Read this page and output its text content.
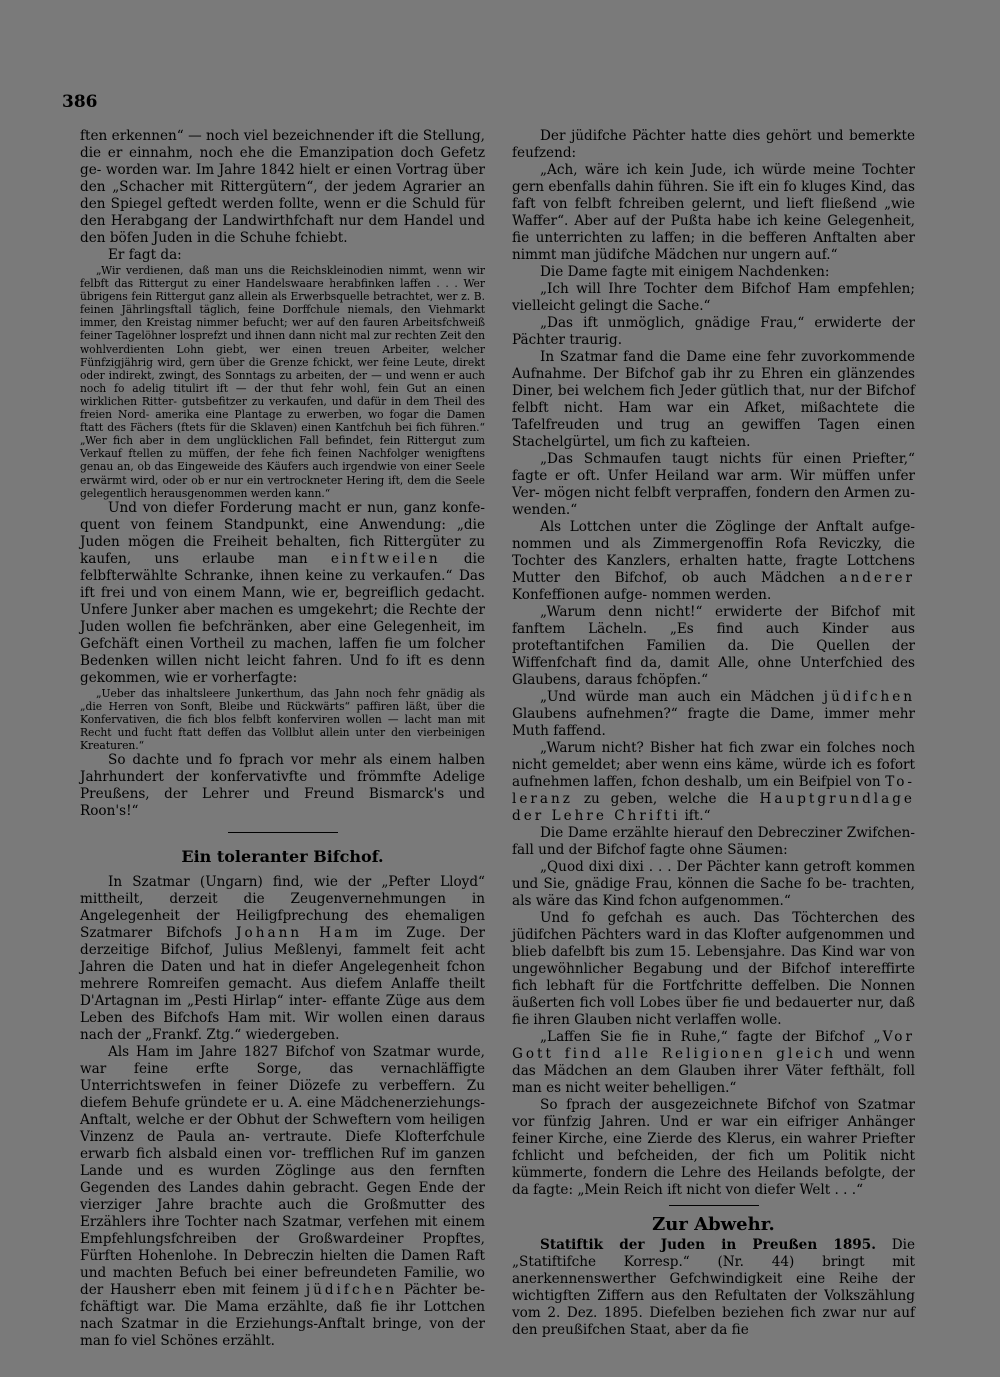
386

ften erkennen“ — noch viel bezeichnender ift die Stellung, die er einnahm, noch ehe die Emanzipation doch Gefetz ge- worden war. Im Jahre 1842 hielt er einen Vortrag über den „Schacher mit Rittergütern“, der jedem Agrarier an den Spiegel geftedt werden follte, wenn er die Schuld für den Herabgang der Landwirthfchaft nur dem Handel und den böfen Juden in die Schuhe fchiebt.

Er fagt da:

„Wir verdienen, daß man uns die Reichskleinodien nimmt, wenn wir felbft das Rittergut zu einer Handelswaare herabfinken laffen . . . Wer übrigens fein Rittergut ganz allein als Erwerbsquelle betrachtet, wer z. B. feinen Jährlingsftall täglich, feine Dorffchule niemals, den Viehmarkt immer, den Kreistag nimmer befucht; wer auf den fauren Arbeitsfchweiß feiner Tagelöhner losprefzt und ihnen dann nicht mal zur rechten Zeit den wohlverdienten Lohn giebt, wer einen treuen Arbeiter, welcher Fünfzigjährig wird, gern über die Grenze fchickt, wer feine Leute, direkt oder indirekt, zwingt, des Sonntags zu arbeiten, der — und wenn er auch noch fo adelig titulirt ift — der thut fehr wohl, fein Gut an einen wirklichen Ritter- gutsbefitzer zu verkaufen, und dafür in dem Theil des freien Nord- amerika eine Plantage zu erwerben, wo fogar die Damen ftatt des Fächers (ftets für die Sklaven) einen Kantfchuh bei fich führen.“ „Wer fich aber in dem unglücklichen Fall befindet, fein Rittergut zum Verkauf ftellen zu müffen, der fehe fich feinen Nachfolger wenigftens genau an, ob das Eingeweide des Käufers auch irgendwie von einer Seele erwärmt wird, oder ob er nur ein vertrockneter Hering ift, dem die Seele gelegentlich herausgenommen werden kann.“

Und von diefer Forderung macht er nun, ganz konfe- quent von feinem Standpunkt, eine Anwendung: „die Juden mögen die Freiheit behalten, fich Rittergüter zu kaufen, uns erlaube man einftweilen die felbfterwählte Schranke, ihnen keine zu verkaufen.“ Das ift frei und von einem Mann, wie er, begreiflich gedacht. Unfere Junker aber machen es umgekehrt; die Rechte der Juden wollen fie befchränken, aber eine Gelegenheit, im Gefchäft einen Vortheil zu machen, laffen fie um folcher Bedenken willen nicht leicht fahren. Und fo ift es denn gekommen, wie er vorherfagte:

„Ueber das inhaltsleere Junkerthum, das Jahn noch fehr gnädig als „die Herren von Sonft, Bleibe und Rückwärts“ paffiren läßt, über die Konfervativen, die fich blos felbft konferviren wollen — lacht man mit Recht und fucht ftatt deffen das Vollblut allein unter den vierbeinigen Kreaturen.“

So dachte und fo fprach vor mehr als einem halben Jahrhundert der konfervativfte und frömmfte Adelige Preußens, der Lehrer und Freund Bismarck's und Roon's!“

Ein toleranter Bifchof.

In Szatmar (Ungarn) find, wie der „Pefter Lloyd“ mittheilt, derzeit die Zeugenvernehmungen in Angelegenheit der Heiligfprechung des ehemaligen Szatmarer Bifchofs Johann Ham im Zuge. Der derzeitige Bifchof, Julius Meßlenyi, fammelt feit acht Jahren die Daten und hat in diefer Angelegenheit fchon mehrere Romreifen gemacht. Aus diefem Anlaffe theilt D'Artagnan im „Pesti Hirlap“ inter- effante Züge aus dem Leben des Bifchofs Ham mit. Wir wollen einen daraus nach der „Frankf. Ztg.“ wiedergeben.

Als Ham im Jahre 1827 Bifchof von Szatmar wurde, war feine erfte Sorge, das vernachläffigte Unterrichtswefen in feiner Diözefe zu verbeffern. Zu diefem Behufe gründete er u. A. eine Mädchenerziehungs-Anftalt, welche er der Obhut der Schweftern vom heiligen Vinzenz de Paula an- vertraute. Diefe Klofterfchule erwarb fich alsbald einen vor- trefflichen Ruf im ganzen Lande und es wurden Zöglinge aus den fernften Gegenden des Landes dahin gebracht. Gegen Ende der vierziger Jahre brachte auch die Großmutter des Erzählers ihre Tochter nach Szatmar, verfehen mit einem Empfehlungsfchreiben der Großwardeiner Propftes, Fürften Hohenlohe. In Debreczin hielten die Damen Raft und machten Befuch bei einer befreundeten Familie, wo der Hausherr eben mit feinem jüdifchen Pächter be- fchäftigt war. Die Mama erzählte, daß fie ihr Lottchen nach Szatmar in die Erziehungs-Anftalt bringe, von der man fo viel Schönes erzählt.

Der jüdifche Pächter hatte dies gehört und bemerkte feufzend:

„Ach, wäre ich kein Jude, ich würde meine Tochter gern ebenfalls dahin führen. Sie ift ein fo kluges Kind, das faft von felbft fchreiben gelernt, und lieft fließend „wie Waffer“. Aber auf der Pußta habe ich keine Gelegenheit, fie unterrichten zu laffen; in die befferen Anftalten aber nimmt man jüdifche Mädchen nur ungern auf.“

Die Dame fagte mit einigem Nachdenken:

„Ich will Ihre Tochter dem Bifchof Ham empfehlen; vielleicht gelingt die Sache.“

„Das ift unmöglich, gnädige Frau,“ erwiderte der Pächter traurig.

In Szatmar fand die Dame eine fehr zuvorkommende Aufnahme. Der Bifchof gab ihr zu Ehren ein glänzendes Diner, bei welchem fich Jeder gütlich that, nur der Bifchof felbft nicht. Ham war ein Afket, mißachtete die Tafelfreuden und trug an gewiffen Tagen einen Stachelgürtel, um fich zu kafteien.

„Das Schmaufen taugt nichts für einen Priefter,“ fagte er oft. Unfer Heiland war arm. Wir müffen unfer Ver- mögen nicht felbft verpraffen, fondern den Armen zu- wenden.“

Als Lottchen unter die Zöglinge der Anftalt aufge- nommen und als Zimmergenoffin Rofa Reviczky, die Tochter des Kanzlers, erhalten hatte, fragte Lottchens Mutter den Bifchof, ob auch Mädchen anderer Konfeffionen aufge- nommen werden.

„Warum denn nicht!“ erwiderte der Bifchof mit fanftem Lächeln. „Es find auch Kinder aus proteftantifchen Familien da. Die Quellen der Wiffenfchaft find da, damit Alle, ohne Unterfchied des Glaubens, daraus fchöpfen.“

„Und würde man auch ein Mädchen jüdifchen Glaubens aufnehmen?“ fragte die Dame, immer mehr Muth faffend.

„Warum nicht? Bisher hat fich zwar ein folches noch nicht gemeldet; aber wenn eins käme, würde ich es fofort aufnehmen laffen, fchon deshalb, um ein Beifpiel von To- leranz zu geben, welche die Hauptgrundlage der Lehre Chrifti ift.“

Die Dame erzählte hierauf den Debrecziner Zwifchen- fall und der Bifchof fagte ohne Säumen:

„Quod dixi dixi . . . Der Pächter kann getroft kommen und Sie, gnädige Frau, können die Sache fo be- trachten, als wäre das Kind fchon aufgenommen.“

Und fo gefchah es auch. Das Töchterchen des jüdifchen Pächters ward in das Klofter aufgenommen und blieb dafelbft bis zum 15. Lebensjahre. Das Kind war von ungewöhnlicher Begabung und der Bifchof intereffirte fich lebhaft für die Fortfchritte deffelben. Die Nonnen äußerten fich voll Lobes über fie und bedauerter nur, daß fie ihren Glauben nicht verlaffen wolle.

„Laffen Sie fie in Ruhe,“ fagte der Bifchof „Vor Gott find alle Religionen gleich und wenn das Mädchen an dem Glauben ihrer Väter fefthält, foll man es nicht weiter behelligen.“

So fprach der ausgezeichnete Bifchof von Szatmar vor fünfzig Jahren. Und er war ein eifriger Anhänger feiner Kirche, eine Zierde des Klerus, ein wahrer Priefter fchlicht und befcheiden, der fich um Politik nicht kümmerte, fondern die Lehre des Heilands befolgte, der da fagte: „Mein Reich ift nicht von diefer Welt . . .“

Zur Abwehr.

Statiftik der Juden in Preußen 1895. Die „Statiftifche Korresp.“ (Nr. 44) bringt mit anerkennenswerther Gefchwindigkeit eine Reihe der wichtigften Ziffern aus den Refultaten der Volkszählung vom 2. Dez. 1895. Diefelben beziehen fich zwar nur auf den preußifchen Staat, aber da fie
